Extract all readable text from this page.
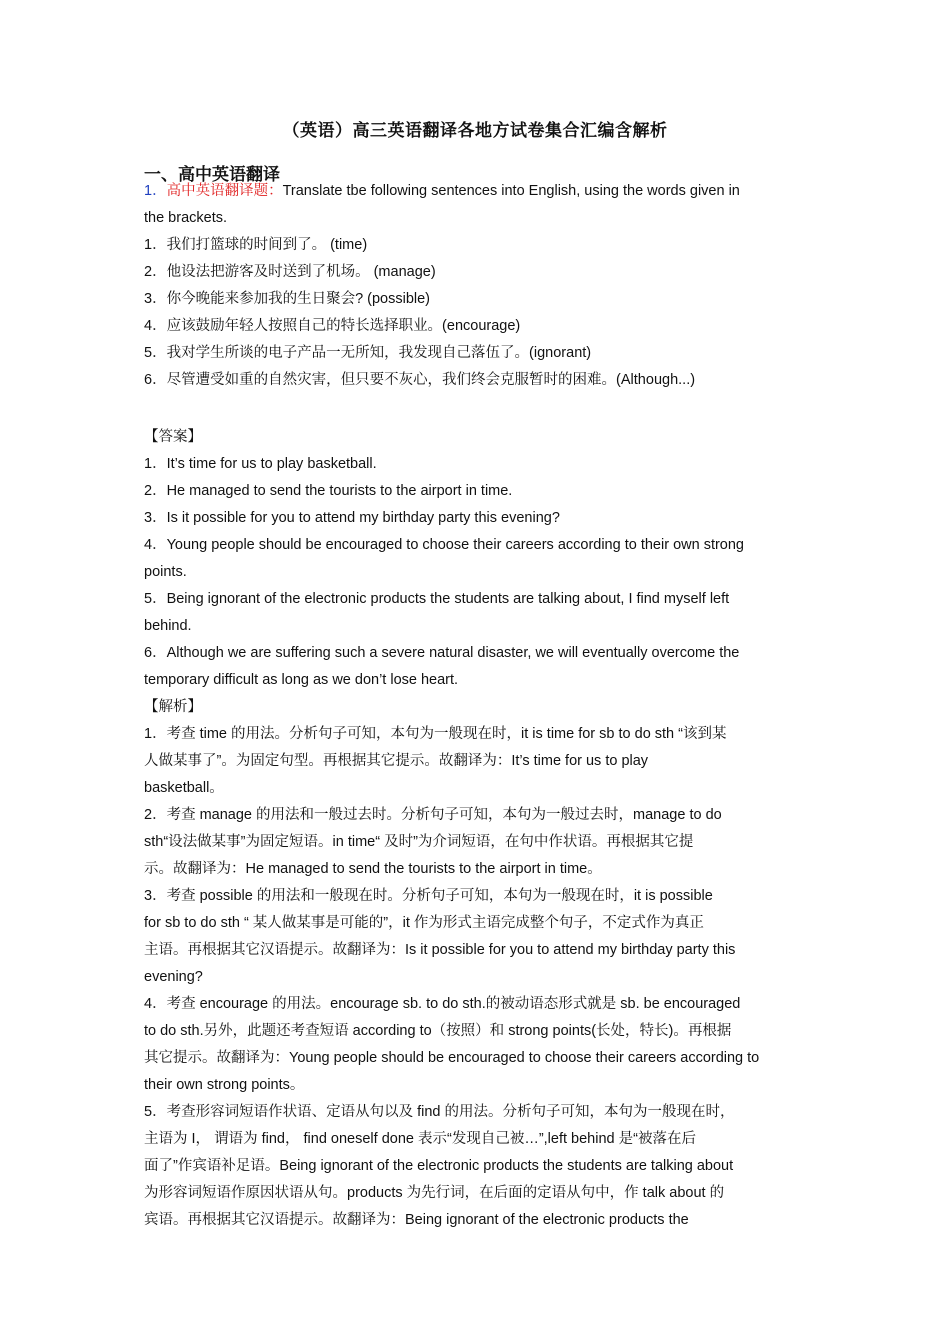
（英语）高三英语翻译各地方试卷集合汇编含解析
一、高中英语翻译
1．高中英语翻译题：Translate tbe following sentences into English, using the words given in
the brackets.
1．我们打篮球的时间到了。 (time)
2．他设法把游客及时送到了机场。 (manage)
3．你今晚能来参加我的生日聚会? (possible)
4．应该鼓励年轻人按照自己的特长选择职业。(encourage)
5．我对学生所谈的电子产品一无所知，我发现自己落伍了。(ignorant)
6．尽管遭受如重的自然灾害，但只要不灰心，我们终会克服暂时的困难。(Although...)
【答案】
1．It’s time for us to play basketball.
2．He managed to send the tourists to the airport in time.
3．Is it possible for you to attend my birthday party this evening?
4．Young people should be encouraged to choose their careers according to their own strong
points.
5．Being ignorant of the electronic products the students are talking about, I find myself left
behind.
6．Although we are suffering such a severe natural disaster, we will eventually overcome the
temporary difficult as long as we don’t lose heart.
【解析】
1．考查 time 的用法。分析句子可知，本句为一般现在时，it is time for sb to do sth “该到某
人做某事了”。为固定句型。再根据其它提示。故翻译为：It’s time for us to play
basketball。
2．考查 manage 的用法和一般过去时。分析句子可知，本句为一般过去时，manage to do
sth“设法做某事”为固定短语。in time“ 及时”为介词短语，在句中作状语。再根据其它提
示。故翻译为：He managed to send the tourists to the airport in time。
3．考查 possible 的用法和一般现在时。分析句子可知，本句为一般现在时，it is possible
for sb to do sth “ 某人做某事是可能的”，it 作为形式主语完成整个句子，不定式作为真正
主语。再根据其它汉语提示。故翻译为：Is it possible for you to attend my birthday party this
evening?
4．考查 encourage 的用法。encourage sb. to do sth.的被动语态形式就是 sb. be encouraged
to do sth.另外，此题还考查短语 according to（按照）和 strong points(长处，特长)。再根据
其它提示。故翻译为：Young people should be encouraged to choose their careers according to
their own strong points。
5．考查形容词短语作状语、定语从句以及 find 的用法。分析句子可知，本句为一般现在时，
主语为 I， 谓语为 find， find oneself done 表示“发现自己被…”,left behind 是“被落在后
面了”作宾语补足语。Being ignorant of the electronic products the students are talking about
为形容词短语作原因状语从句。products 为先行词，在后面的定语从句中，作 talk about 的
宾语。再根据其它汉语提示。故翻译为：Being ignorant of the electronic products the
